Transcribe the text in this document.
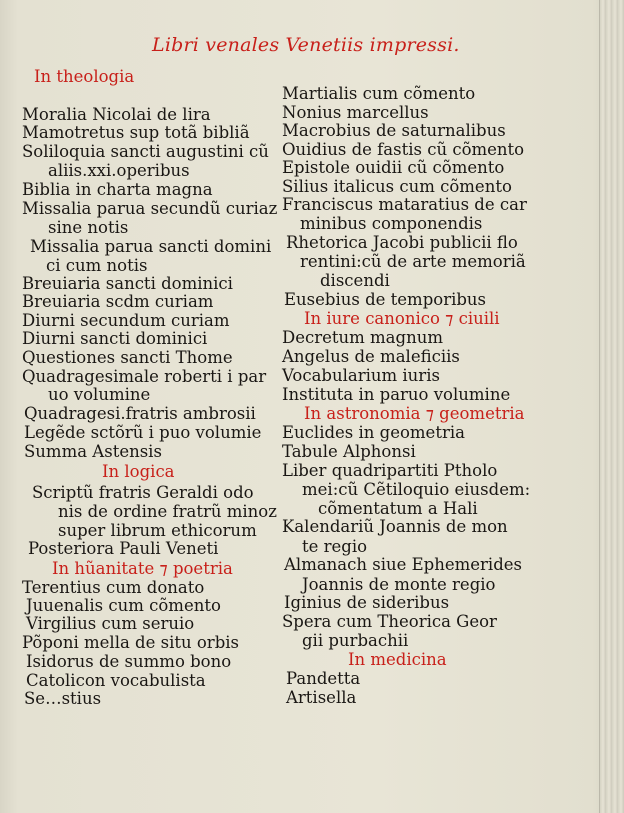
Libri venales Venetiis impressi.
In theologia
Moralia Nicolai de lira
Mamotretus sup totã bibliã
Soliloquia sancti augustini cũ
aliis.xxi.operibus
Biblia in charta magna
Missalia parua secundũ curiaz
sine notis
Missalia parua sancti domini
ci cum notis
Breuiaria sancti dominici
Breuiaria scdm curiam
Diurni secundum curiam
Diurni sancti dominici
Questiones sancti Thome
Quadragesimale roberti i par
uo volumine
Quadragesi.fratris ambrosii
Legẽde sctõrũ i puo volumie
Summa Astensis
In logica
Scriptũ fratris Geraldi odo
nis de ordine fratrũ minoz
super librum ethicorum
Posteriora Pauli Veneti
In hũanitate ⁊ poetria
Terentius cum donato
Juuenalis cum cõmento
Virgilius cum seruio
Põponi mella de situ orbis
Isidorus de summo bono
Catolicon vocabulista
Se…stius
Martialis cum cõmento
Nonius marcellus
Macrobius de saturnalibus
Ouidius de fastis cũ cõmento
Epistole ouidii cũ cõmento
Silius italicus cum cõmento
Franciscus mataratius de car
minibus componendis
Rhetorica Jacobi publicii flo
rentini:cũ de arte memoriã
discendi
Eusebius de temporibus
In iure canonico ⁊ ciuili
Decretum magnum
Angelus de maleficiis
Vocabularium iuris
Instituta in paruo volumine
In astronomia ⁊ geometria
Euclides in geometria
Tabule Alphonsi
Liber quadripartiti Ptholo
mei:cũ Cẽtiloquio eiusdem:
cõmentatum a Hali
Kalendariũ Joannis de mon
te regio
Almanach siue Ephemerides
Joannis de monte regio
Iginius de sideribus
Spera cum Theorica Geor
gii purbachii
In medicina
Pandetta
Artisella
